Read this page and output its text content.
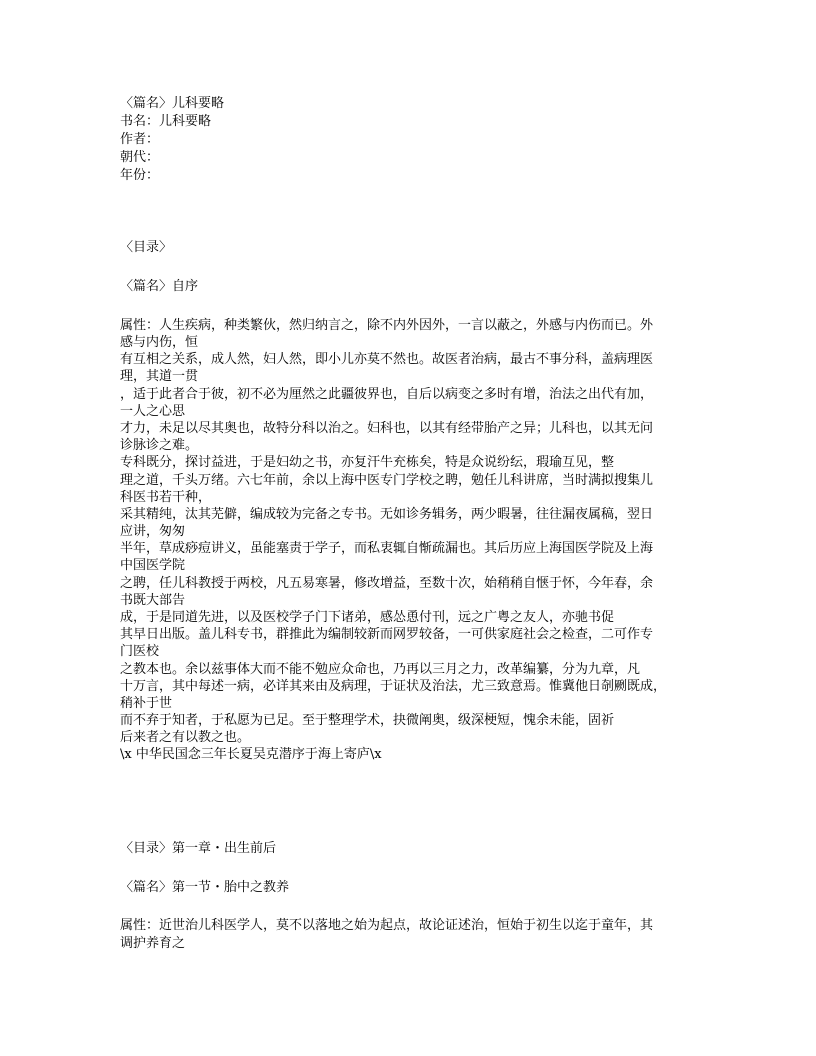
〈篇名〉儿科要略
书名：儿科要略
作者：
朝代：
年份：
〈目录〉
〈篇名〉自序
属性：人生疾病，种类繁伙，然归纳言之，除不内外因外，一言以蔽之，外感与内伤而已。外
感与内伤，恒
有互相之关系，成人然，妇人然，即小儿亦莫不然也。故医者治病，最古不事分科，盖病理医
理，其道一贯
，适于此者合于彼，初不必为厘然之此疆彼界也，自后以病变之多时有增，治法之出代有加，
一人之心思
才力，未足以尽其奥也，故特分科以治之。妇科也，以其有经带胎产之异；儿科也，以其无问
诊脉诊之难。
专科既分，探讨益进，于是妇幼之书，亦复汗牛充栋矣，特是众说纷纭，瑕瑜互见，整
理之道，千头万绪。六七年前，余以上海中医专门学校之聘，勉任儿科讲席，当时满拟搜集儿
科医书若干种，
采其精纯，汰其芜僻，编成较为完备之专书。无如诊务辑务，两少暇暑，往往漏夜属稿，翌日
应讲，匆匆
半年，草成痧痘讲义，虽能塞责于学子，而私衷辄自惭疏漏也。其后历应上海国医学院及上海
中国医学院
之聘，任儿科教授于两校，凡五易寒暑，修改增益，至数十次，始稍稍自惬于怀，今年春，余
书既大部告
成，于是同道先进，以及医校学子门下诸弟，感怂恿付刊，远之广粤之友人，亦驰书促
其早日出版。盖儿科专书，群推此为编制较新而网罗较备，一可供家庭社会之检查，二可作专
门医校
之教本也。余以兹事体大而不能不勉应众命也，乃再以三月之力，改革编纂，分为九章，凡
十万言，其中每述一病，必详其来由及病理，于证状及治法，尤三致意焉。惟冀他日剞劂既成，
稍补于世
而不弃于知者，于私愿为已足。至于整理学术，抉微阐奥，级深梗短，愧余未能，固祈
后来者之有以教之也。
\x 中华民国念三年长夏吴克潜序于海上寄庐\x
〈目录〉第一章・出生前后
〈篇名〉第一节・胎中之教养
属性：近世治儿科医学人，莫不以落地之始为起点，故论证述治，恒始于初生以迄于童年，其
调护养育之
